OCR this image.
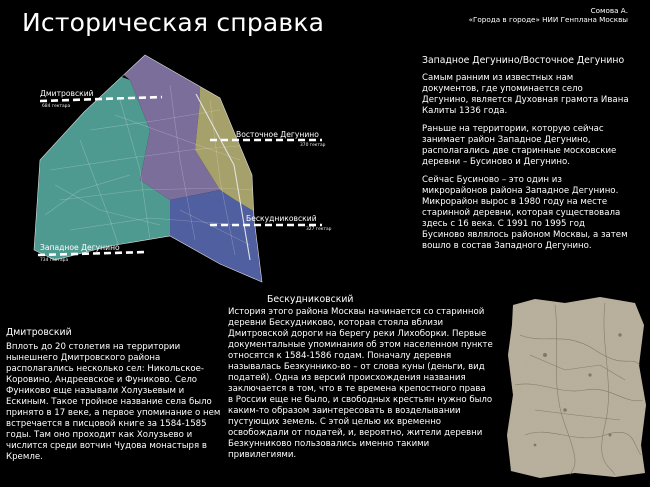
Историческая справка	Сомова А.
«Города в городе» НИИ Генплана Москвы
Дмитровский
684 гектара
Восточное Дегунино
370 гектар
Бескудниковский
327 гектар
Западное Дегунино
734 гектара
Западное Дегунино/Восточное Дегунино

Самым ранним из известных нам документов, где упоминается село Дегунино, является Духовная грамота Ивана Калиты 1336 года.

Раньше на территории, которую сейчас занимает район Западное Дегунино, располагались две старинные московские деревни – Бусиново и Дегунино.

Сейчас Бусиново – это один из микрорайонов района Западное Дегунино. Микрорайон вырос в 1980 году на месте старинной деревни, которая существовала здесь с 16 века. С 1991 по 1995 год Бусиново являлось районом Москвы, а затем вошло в состав Западного Дегунино.

Бескудниковский
История этого района Москвы начинается со старинной деревни Бескудниково, которая стояла вблизи Дмитровской дороги на берегу реки Лихоборки. Первые документальные упоминания об этом населенном пункте относятся к 1584-1586 годам. Поначалу деревня называлась Безкуннико-во – от слова куны (деньги, вид податей). Одна из версий происхождения названия заключается в том, что в те времена крепостного права в России еще не было, и свободных крестьян нужно было каким-то образом заинтересовать в возделывании пустующих земель. С этой целью их временно освобождали от податей, и, вероятно, жители деревни Безкунниково пользовались именно такими привилегиями.
Дмитровский
Вплоть до 20 столетия на территории нынешнего Дмитровского района располагались несколько сел: Никольское-Коровино, Андреевское и Фуниково. Село Фуниково еще называли Холузьевым и Ескиным. Такое тройное название села было принято в 17 веке, а первое упоминание о нем встречается в писцовой книге за 1584-1585 годы. Там оно проходит как Холузьево и числится среди вотчин Чудова монастыря в Кремле.
